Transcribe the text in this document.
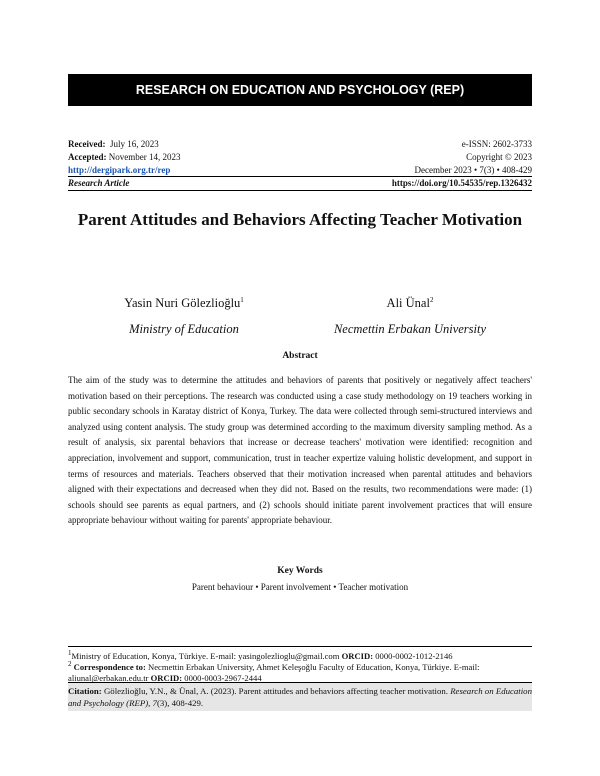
RESEARCH ON EDUCATION AND PSYCHOLOGY (REP)
Received: July 16, 2023	e-ISSN: 2602-3733
Accepted: November 14, 2023	Copyright © 2023
http://dergipark.org.tr/rep	December 2023 • 7(3) • 408-429
Research Article	https://doi.org/10.54535/rep.1326432
Parent Attitudes and Behaviors Affecting Teacher Motivation
Yasin Nuri Gölezlioğlu$^1$
Ministry of Education
Ali Ünal$^2$
Necmettin Erbakan University
Abstract

The aim of the study was to determine the attitudes and behaviors of parents that positively or negatively affect teachers' motivation based on their perceptions. The research was conducted using a case study methodology on 19 teachers working in public secondary schools in Karatay district of Konya, Turkey. The data were collected through semi-structured interviews and analyzed using content analysis. The study group was determined according to the maximum diversity sampling method. As a result of analysis, six parental behaviors that increase or decrease teachers' motivation were identified: recognition and appreciation, involvement and support, communication, trust in teacher expertize valuing holistic development, and support in terms of resources and materials. Teachers observed that their motivation increased when parental attitudes and behaviors aligned with their expectations and decreased when they did not. Based on the results, two recommendations were made: (1) schools should see parents as equal partners, and (2) schools should initiate parent involvement practices that will ensure appropriate behaviour without waiting for parents' appropriate behaviour.

Key Words
Parent behaviour • Parent involvement • Teacher motivation
$^1$Ministry of Education, Konya, Türkiye. E-mail: yasingolezlioglu@gmail.com ORCID: 0000-0002-1012-2146
$^2$ Correspondence to: Necmettin Erbakan University, Ahmet Keleşoğlu Faculty of Education, Konya, Türkiye. E-mail: aliunal@erbakan.edu.tr ORCID: 0000-0003-2967-2444
Citation: Gölezlioğlu, Y.N., & Ünal, A. (2023). Parent attitudes and behaviors affecting teacher motivation. Research on Education and Psychology (REP), 7(3), 408-429.
